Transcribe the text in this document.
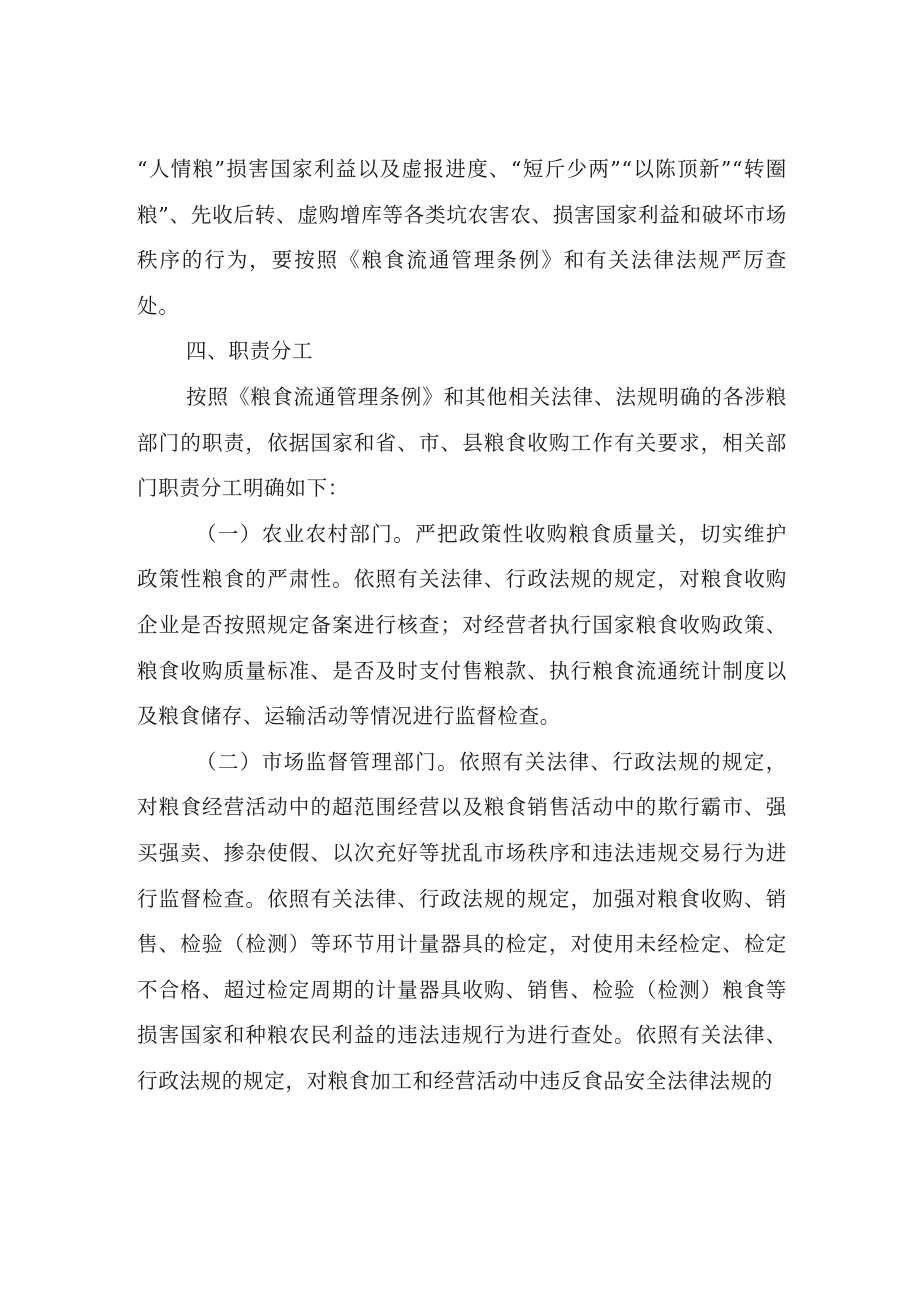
“人情粮”损害国家利益以及虚报进度、“短斤少两”“以陈顶新”“转圈粮”、先收后转、虚购增库等各类坑农害农、损害国家利益和破坏市场秩序的行为，要按照《粮食流通管理条例》和有关法律法规严厉查处。

四、职责分工

按照《粮食流通管理条例》和其他相关法律、法规明确的各涉粮部门的职责，依据国家和省、市、县粮食收购工作有关要求，相关部门职责分工明确如下：

（一）农业农村部门。严把政策性收购粮食质量关，切实维护政策性粮食的严肃性。依照有关法律、行政法规的规定，对粮食收购企业是否按照规定备案进行核查；对经营者执行国家粮食收购政策、粮食收购质量标准、是否及时支付售粮款、执行粮食流通统计制度以及粮食储存、运输活动等情况进行监督检查。

（二）市场监督管理部门。依照有关法律、行政法规的规定，对粮食经营活动中的超范围经营以及粮食销售活动中的欺行霸市、强买强卖、掺杂使假、以次充好等扰乱市场秩序和违法违规交易行为进行监督检查。依照有关法律、行政法规的规定，加强对粮食收购、销售、检验（检测）等环节用计量器具的检定，对使用未经检定、检定不合格、超过检定周期的计量器具收购、销售、检验（检测）粮食等损害国家和种粮农民利益的违法违规行为进行查处。依照有关法律、行政法规的规定，对粮食加工和经营活动中违反食品安全法律法规的
